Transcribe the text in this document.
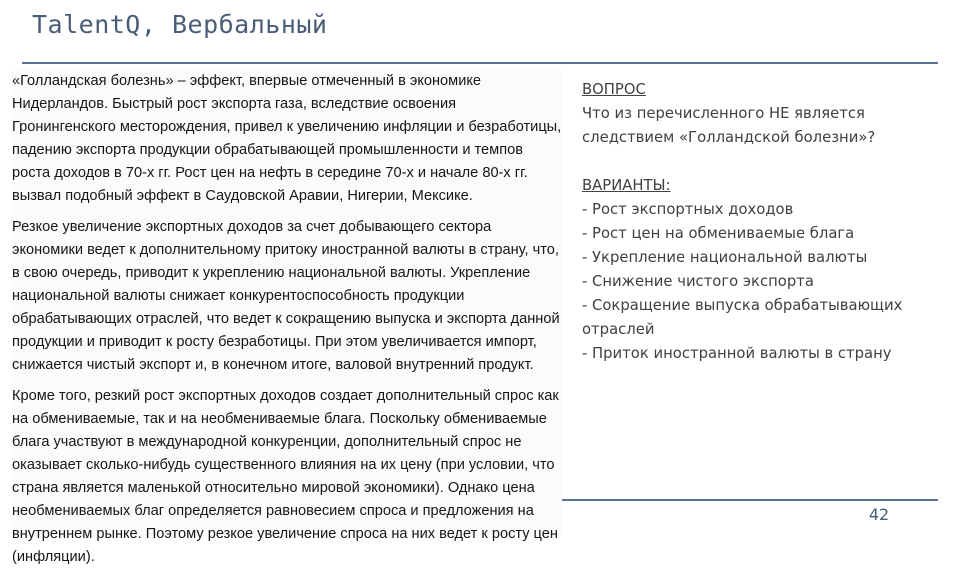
TalentQ, Вербальный

«Голландская болезнь» – эффект, впервые отмеченный в экономике Нидерландов. Быстрый рост экспорта газа, вследствие освоения Гронингенского месторождения, привел к увеличению инфляции и безработицы, падению экспорта продукции обрабатывающей промышленности и темпов роста доходов в 70-х гг. Рост цен на нефть в середине 70-х и начале 80-х гг. вызвал подобный эффект в Саудовской Аравии, Нигерии, Мексике.

Резкое увеличение экспортных доходов за счет добывающего сектора экономики ведет к дополнительному притоку иностранной валюты в страну, что, в свою очередь, приводит к укреплению национальной валюты. Укрепление национальной валюты снижает конкурентоспособность продукции обрабатывающих отраслей, что ведет к сокращению выпуска и экспорта данной продукции и приводит к росту безработицы. При этом увеличивается импорт, снижается чистый экспорт и, в конечном итоге, валовой внутренний продукт.

Кроме того, резкий рост экспортных доходов создает дополнительный спрос как на обмениваемые, так и на необмениваемые блага. Поскольку обмениваемые блага участвуют в международной конкуренции, дополнительный спрос не оказывает сколько-нибудь существенного влияния на их цену (при условии, что страна является маленькой относительно мировой экономики). Однако цена необмениваемых благ определяется равновесием спроса и предложения на внутреннем рынке. Поэтому резкое увеличение спроса на них ведет к росту цен (инфляции).

ВОПРОС
Что из перечисленного НЕ является следствием «Голландской болезни»?
ВАРИАНТЫ:
- Рост экспортных доходов
- Рост цен на обмениваемые блага
- Укрепление национальной валюты
- Снижение чистого экспорта
- Сокращение выпуска обрабатывающих отраслей
- Приток иностранной валюты в страну
42
